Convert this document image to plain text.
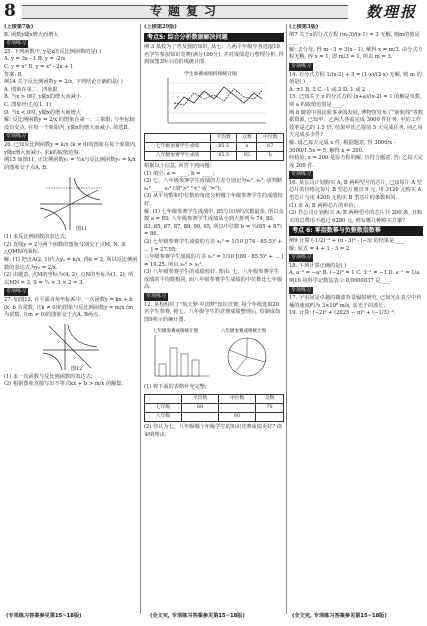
8	专题复习	数理报

(上接第7版)

B. 函数y随x增大而增大

专项练习

25. 下列函数中, y是x的反比例函数的是( )

A. y = 3x - 1 B. y = -2/x

C. y = x² D. y = x² - 2x + 1

答案: B

例14 关于反比例函数y = 2/x, 下列结论正确的是( )

A. 图象在第二、四象限

B. 当x > 0时, y随x的增大而减小

C. 图象经过点(1, 1)

D. 当x < 0时, y随x的增大而增大

解: 反比例函数y = 2/x 的图象在第一、三象限, 与坐标轴没有交点, 在每一个象限内, y随x的增大而减小. 故选B.

专项练习

26. 已知反比例函数y = k/x (k ≠ 0)的图象在每个象限内, y随x增大而减小, 求k的取值范围.

例15 如图11, 正比例函数y₁ = ½x与反比例函数y₂ = k/x的图象交于点A, B.

图11

(1) 求反比例函数的表达式;

(2) 直线y = 2与两个函数的图象分别交于点M, N, 求△OMN的面积.

解: (1) 把点A(2, 1)代入y₂ = k/x, 得k = 2, 所以反比例函数的表达式为y₂ = 2/x.

(2) 由题意, 点M的坐标为(4, 2), 点N的坐标为(1, 2), 所以MN = 3, S = ½ × 3 × 2 = 3.

专项练习

27. 如图12, 在平面直角坐标系中, 一次函数y = kx + b (k, b 为常数, 且k ≠ 0)的图象与反比例函数y = m/x (m为常数, 且m ≠ 0)的图象交于点A, B两点.

图12

(1) 求一次函数与反比例函数的表达式;

(2) 根据图象直接写出不等式kx + b > m/x 的解集.

(专项练习答案参见第15~18版)

(上接第29版)

考点5: 综合分析数据解决问题

例 3 某校为了普及预防知识, 从七、八两个年级中各选取10名学生参加知识竞赛(满分100分), 并对成绩进行整理分析, 得到如图3所示的折线统计图.

学生参赛成绩折线统计图
	平均数	众数	中位数
七年级参赛学生成绩	85.5	a	87
八年级参赛学生成绩	85.5	85	b

根据以上信息, 回答下列问题:

(1) 填空: a = ____, b = ____;

(2) 七、八年级参赛学生成绩的方差分别记为s₁², s₂², 请判断s₁² ____ s₂² (填">" "<" 或 "=");

(3) 从平均数和中位数的角度分析哪个年级参赛学生的成绩较好.

解: (1) 七年级参赛学生成绩中, 85分出现的次数最多, 所以众数 a = 85; 八年级参赛学生成绩从小到大排列为 74, 80, 83, 85, 87, 87, 88, 90, 95, 所以中位数 b = ½(85 + 87) = 86.

(2) 七年级参赛学生成绩的方差 s₁² = 1/10 [(74 - 85.5)² + ... ] = 27.05;

八年级参赛学生成绩的方差 s₂² = 1/10 [(80 - 85.5)² + ... ] = 19.25. 所以 s₁² > s₂².

(3) 八年级参赛学生的成绩较好. 理由: 七、八年级参赛学生成绩的平均数相同, 而八年级参赛学生成绩的中位数比七年级高.

专项练习

12. 某校组织了"航天梦·中国梦"知识竞赛, 每个年级选取20名学生参赛, 将七、八年级学生的竞赛成绩整理后, 绘制成如图9所示的统计图.

七年级参赛成绩统计图	八年级参赛成绩统计图

(1) 将下面的表格补充完整;

	平均数	中位数	众数
七年级	80		70
八年级		80	

(2) 你认为七、八年级哪个年级学生的知识竞赛成绩更好? 请说明理由.

(全文完, 专项练习答案参见第15~18版)

(上接第3版)

例7 关于x的分式方程 (m-3)/(x-1) = 3 无解, 则m的值是____.

解: 去分母, 得 m - 3 = 3(x - 1), 解得 x = m/3, 由分式方程无解, 得 x = 1, 即 m/3 = 1, 所以 m = 3.

专项练习

14. 若分式方程 1/(x-2) + 3 = (1-x)/(2-x) 无解, 则 m 的值是( )

A. ±1 B. 2 C. -1 或 2 D. 1 或 2

15. 已知关于 x 的分式方程 (x+a)/(x-2) = 1 的解是负数, 则 a 的取值范围是____.

例 8 随着中国民航事业的发展, 博物馆发布了"新航线"等数据资源, 已知甲、乙两人各需完成 3000 件任务, 甲的工作效率是乙的 1.5 倍, 结果甲比乙提前 5 天完成任务, 问乙每天完成多少件?

解: 设乙每天完成 x 件, 根据题意, 得 3000/x - 3000/1.5x = 5, 解得 x = 200.

经检验, x = 200 是原方程的解, 且符合题意. 答: 乙每天完成 200 件.

专项练习

16. 某公司计划购买 A, B 两种型号的芯片, 已知每片 A 型芯片的价格比每片 B 型芯片便宜 9 元, 用 3120 元购买 A 型芯片与用 4200 元购买 B 型芯片的条数相同.

(1) 求 A, B 两种芯片的单价;

(2) 若公司计划购买 A, B 两种型号的芯片共 200 条, 且购买的总费用不超过 6280 元, 则有哪几种购买方案?

考点 6: 零指数幂与负整数指数幂

例9 计算 (-1/2)⁻² + (π - 3)⁰ - |−3| 的结果是____.

解: 原式 = 4 + 1 - 3 = 2.

专项练习

18. 下列计算正确的是( )

A. a⁻³ = −a³ B. (−2)⁰ = 1 C. 3⁻¹ = −3 D. a⁻¹ = 1/a

例10 用科学记数法表示 0.0000037 是____.

专项练习

17. 宇宙间是卓越的微波背景辐射研究, 已知光在真空中传播的速度约为 3×10⁸ m/s, 求光子的波长.

19. 计算: (−2)³ + (2025 − π)⁰ + (−1/3)⁻².

(全文完, 专项练习答案参见第15~18版)
